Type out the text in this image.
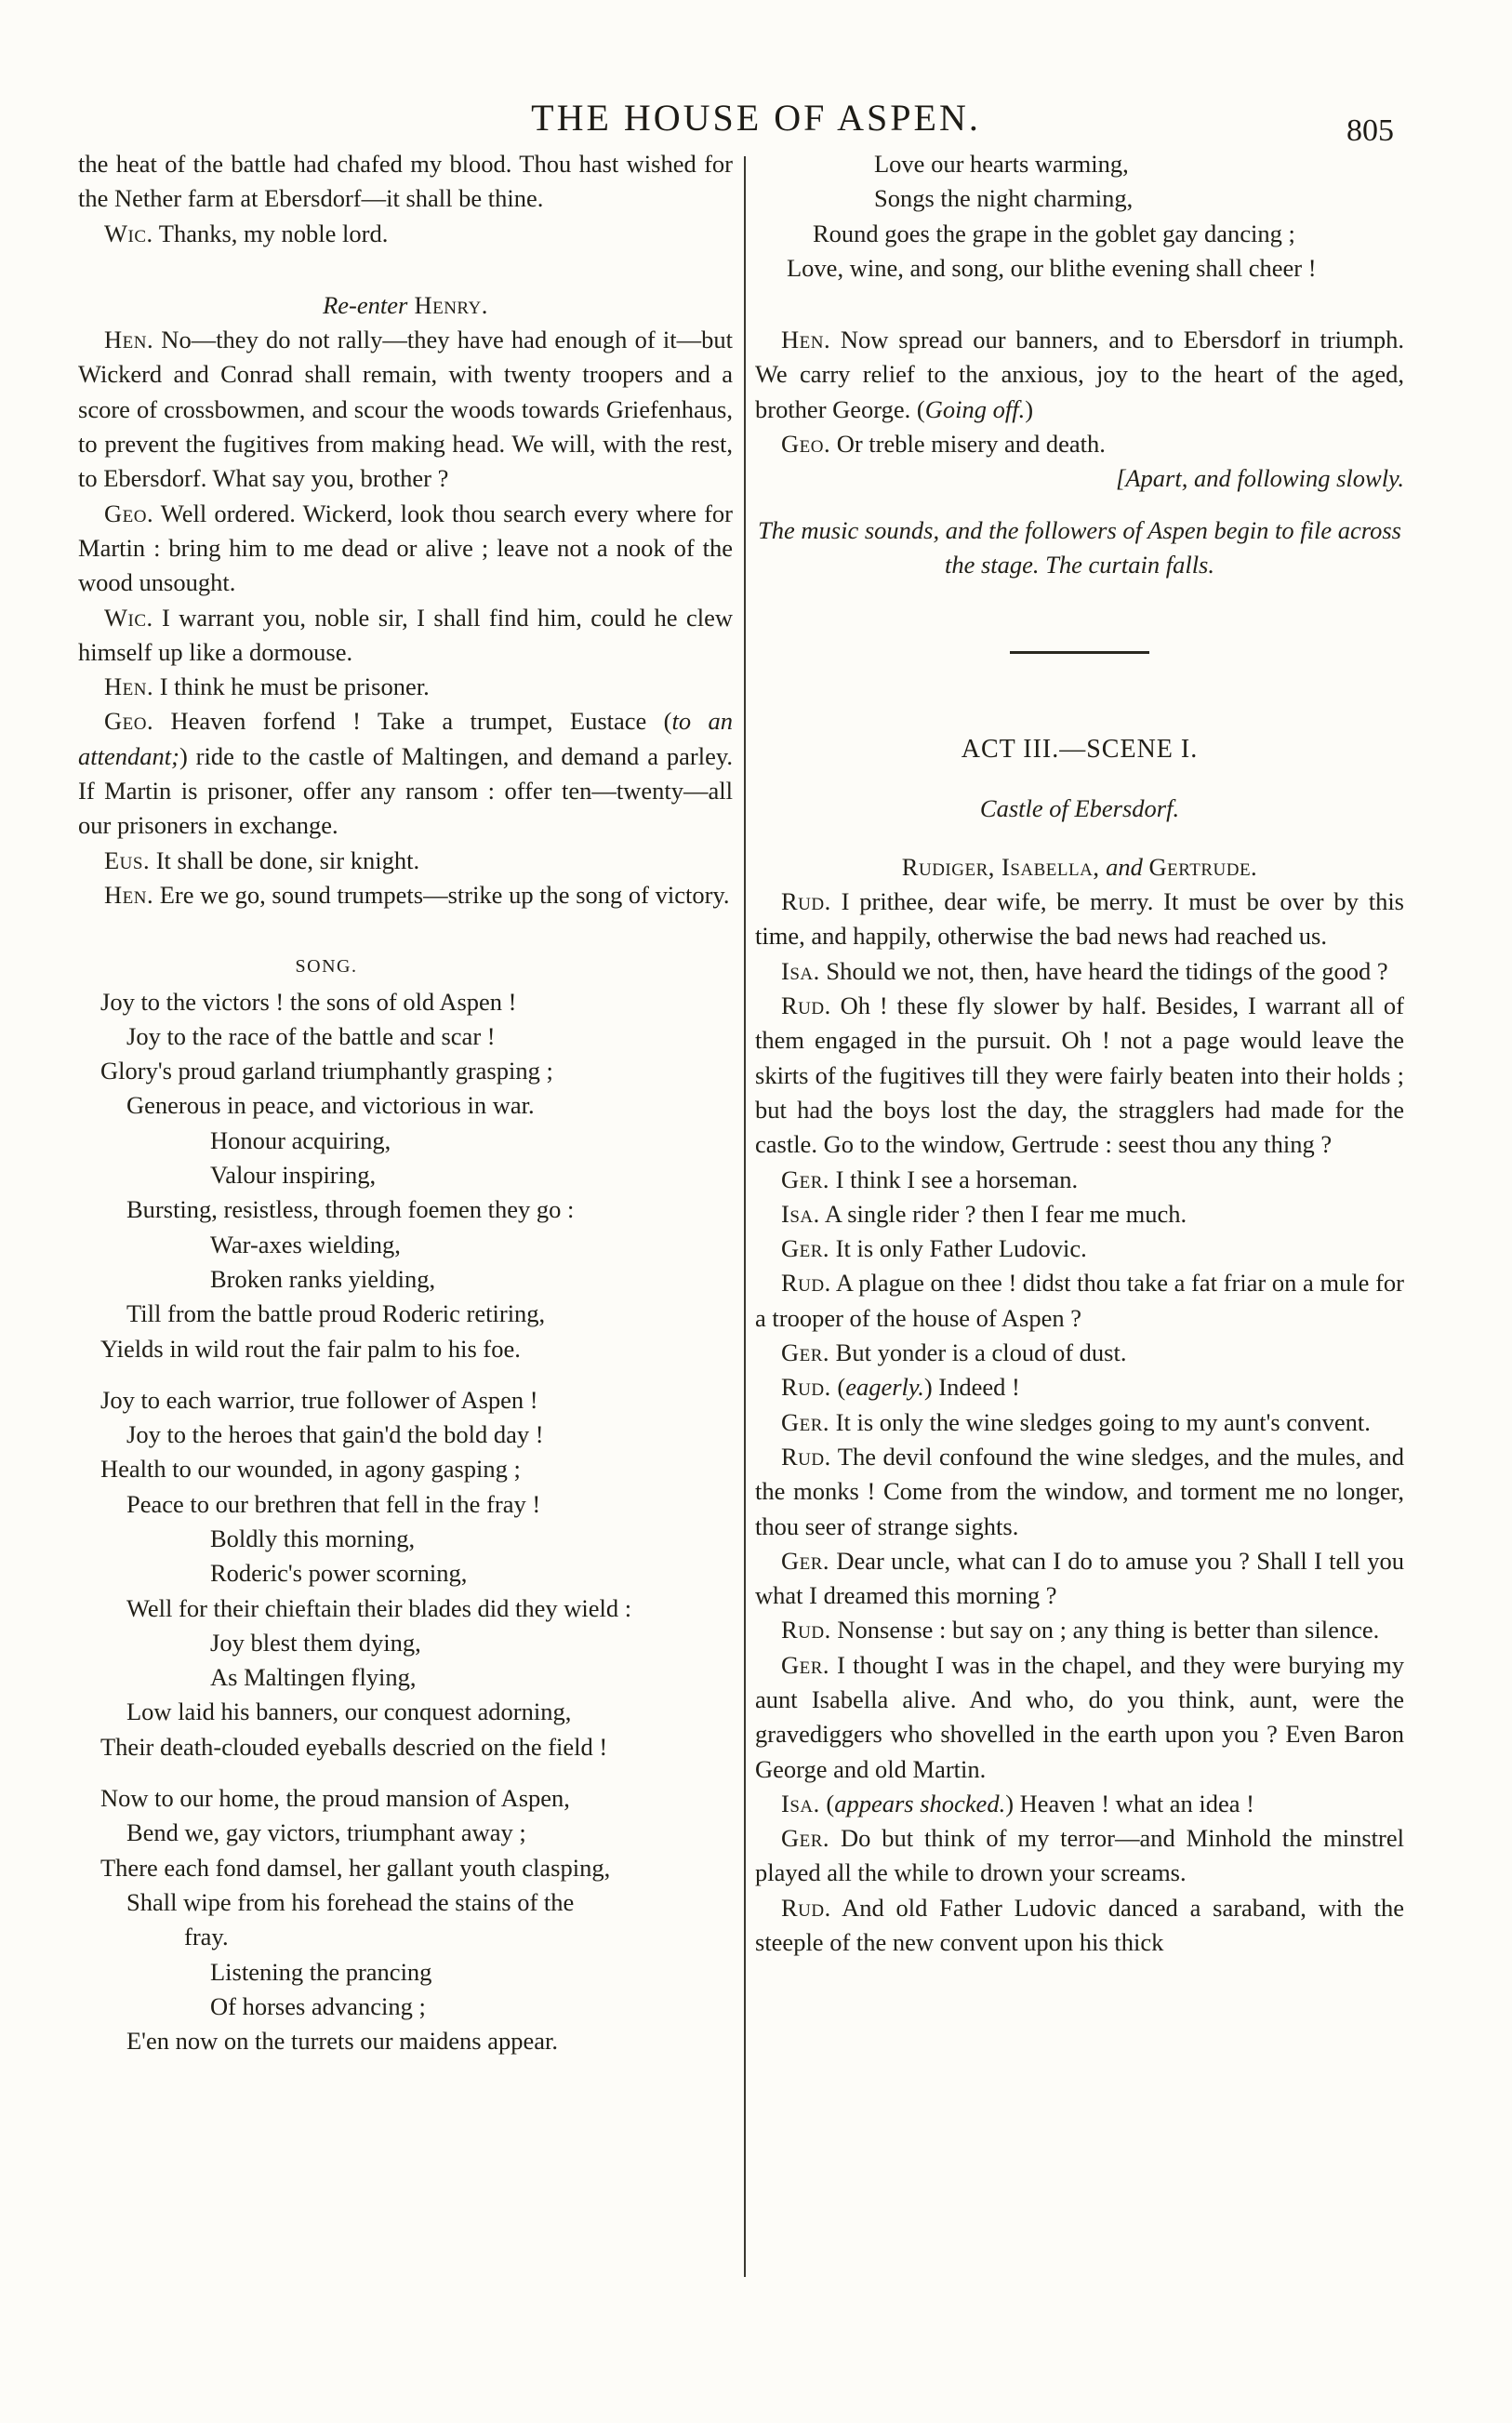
THE HOUSE OF ASPEN.	805

the heat of the battle had chafed my blood. Thou hast wished for the Nether farm at Ebersdorf—it shall be thine.

Wic. Thanks, my noble lord.

Re-enter Henry.

Hen. No—they do not rally—they have had enough of it—but Wickerd and Conrad shall remain, with twenty troopers and a score of crossbowmen, and scour the woods towards Griefenhaus, to prevent the fugitives from making head. We will, with the rest, to Ebersdorf. What say you, brother ?

Geo. Well ordered. Wickerd, look thou search every where for Martin : bring him to me dead or alive ; leave not a nook of the wood unsought.

Wic. I warrant you, noble sir, I shall find him, could he clew himself up like a dormouse.

Hen. I think he must be prisoner.

Geo. Heaven forfend ! Take a trumpet, Eustace (to an attendant;) ride to the castle of Maltingen, and demand a parley. If Martin is prisoner, offer any ransom : offer ten—twenty—all our prisoners in exchange.

Eus. It shall be done, sir knight.

Hen. Ere we go, sound trumpets—strike up the song of victory.

SONG.

Joy to the victors ! the sons of old Aspen !

Joy to the race of the battle and scar !

Glory's proud garland triumphantly grasping ;

Generous in peace, and victorious in war.

Honour acquiring,

Valour inspiring,

Bursting, resistless, through foemen they go :

War-axes wielding,

Broken ranks yielding,

Till from the battle proud Roderic retiring,

Yields in wild rout the fair palm to his foe.

Joy to each warrior, true follower of Aspen !

Joy to the heroes that gain'd the bold day !

Health to our wounded, in agony gasping ;

Peace to our brethren that fell in the fray !

Boldly this morning,

Roderic's power scorning,

Well for their chieftain their blades did they wield :

Joy blest them dying,

As Maltingen flying,

Low laid his banners, our conquest adorning,

Their death-clouded eyeballs descried on the field !

Now to our home, the proud mansion of Aspen,

Bend we, gay victors, triumphant away ;

There each fond damsel, her gallant youth clasping,

Shall wipe from his forehead the stains of the

fray.

Listening the prancing

Of horses advancing ;

E'en now on the turrets our maidens appear.

Love our hearts warming,

Songs the night charming,

Round goes the grape in the goblet gay dancing ;

Love, wine, and song, our blithe evening shall cheer !

Hen. Now spread our banners, and to Ebersdorf in triumph. We carry relief to the anxious, joy to the heart of the aged, brother George. (Going off.)

Geo. Or treble misery and death.

[Apart, and following slowly.

The music sounds, and the followers of Aspen begin to file across the stage. The curtain falls.

ACT III.—SCENE I.

Castle of Ebersdorf.

Rudiger, Isabella, and Gertrude.

Rud. I prithee, dear wife, be merry. It must be over by this time, and happily, otherwise the bad news had reached us.

Isa. Should we not, then, have heard the tidings of the good ?

Rud. Oh ! these fly slower by half. Besides, I warrant all of them engaged in the pursuit. Oh ! not a page would leave the skirts of the fugitives till they were fairly beaten into their holds ; but had the boys lost the day, the stragglers had made for the castle. Go to the window, Gertrude : seest thou any thing ?

Ger. I think I see a horseman.

Isa. A single rider ? then I fear me much.

Ger. It is only Father Ludovic.

Rud. A plague on thee ! didst thou take a fat friar on a mule for a trooper of the house of Aspen ?

Ger. But yonder is a cloud of dust.

Rud. (eagerly.) Indeed !

Ger. It is only the wine sledges going to my aunt's convent.

Rud. The devil confound the wine sledges, and the mules, and the monks ! Come from the window, and torment me no longer, thou seer of strange sights.

Ger. Dear uncle, what can I do to amuse you ? Shall I tell you what I dreamed this morning ?

Rud. Nonsense : but say on ; any thing is better than silence.

Ger. I thought I was in the chapel, and they were burying my aunt Isabella alive. And who, do you think, aunt, were the gravediggers who shovelled in the earth upon you ? Even Baron George and old Martin.

Isa. (appears shocked.) Heaven ! what an idea !

Ger. Do but think of my terror—and Minhold the minstrel played all the while to drown your screams.

Rud. And old Father Ludovic danced a saraband, with the steeple of the new convent upon his thick
